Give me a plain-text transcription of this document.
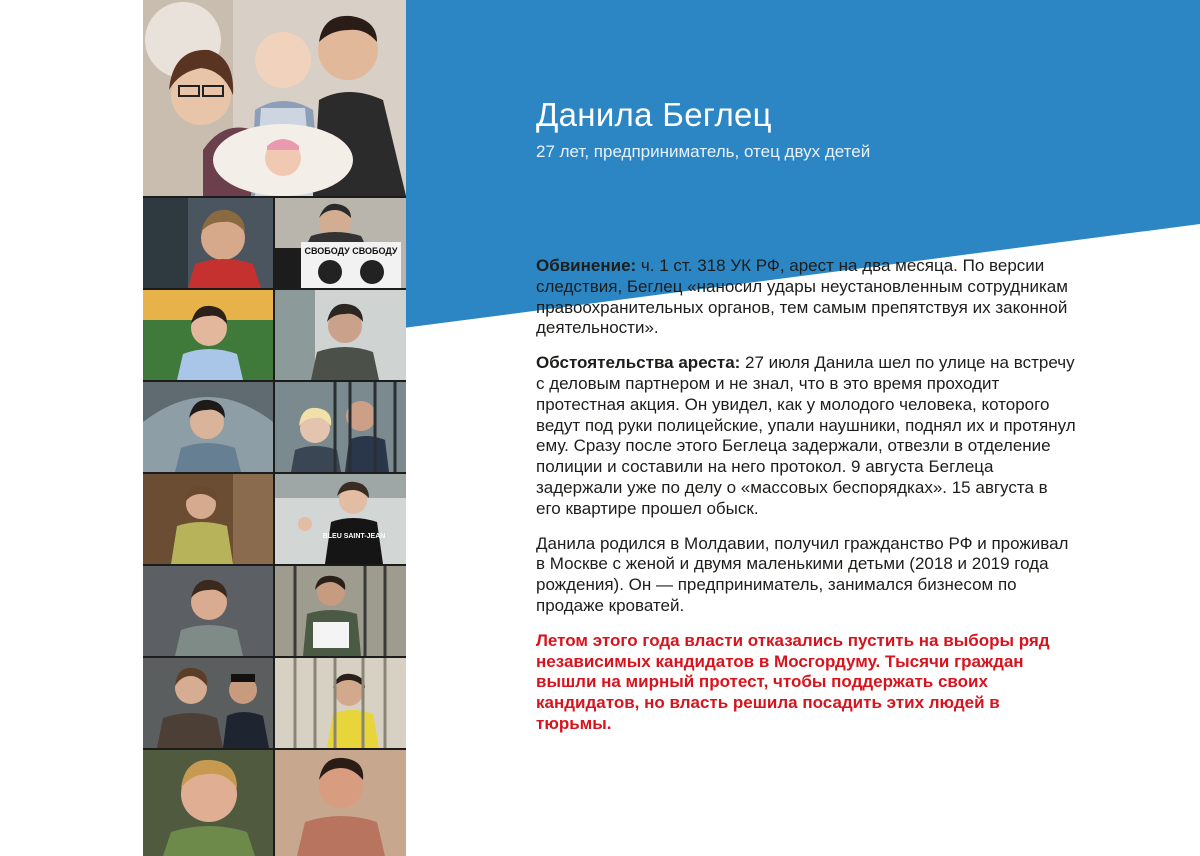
СВОБОДУ СВОБОДУ
BLEU SAINT-JEAN
Данила Беглец
27 лет, предприниматель, отец двух детей

Обвинение: ч. 1 ст. 318 УК РФ, арест на два месяца. По версии следствия, Беглец «наносил удары неустановленным сотрудникам правоохранительных органов, тем самым препятствуя их законной деятельности».

Обстоятельства ареста: 27 июля Данила шел по улице на встречу с деловым партнером и не знал, что в это время проходит протестная акция. Он увидел, как у молодого человека, которого ведут под руки полицейские, упали наушники, поднял их и протянул ему. Сразу после этого Беглеца задержали, отвезли в отделение полиции и составили на него протокол. 9 августа Беглеца задержали уже по делу о «массовых беспорядках». 15 августа в его квартире прошел обыск.

Данила родился в Молдавии, получил гражданство РФ и проживал в Москве с женой и двумя маленькими детьми (2018 и 2019 года рождения). Он — предприниматель, занимался бизнесом по продаже кроватей.

Летом этого года власти отказались пустить на выборы ряд независимых кандидатов в Мосгордуму. Тысячи граждан вышли на мирный протест, чтобы поддержать своих кандидатов, но власть решила посадить этих людей в тюрьмы.
